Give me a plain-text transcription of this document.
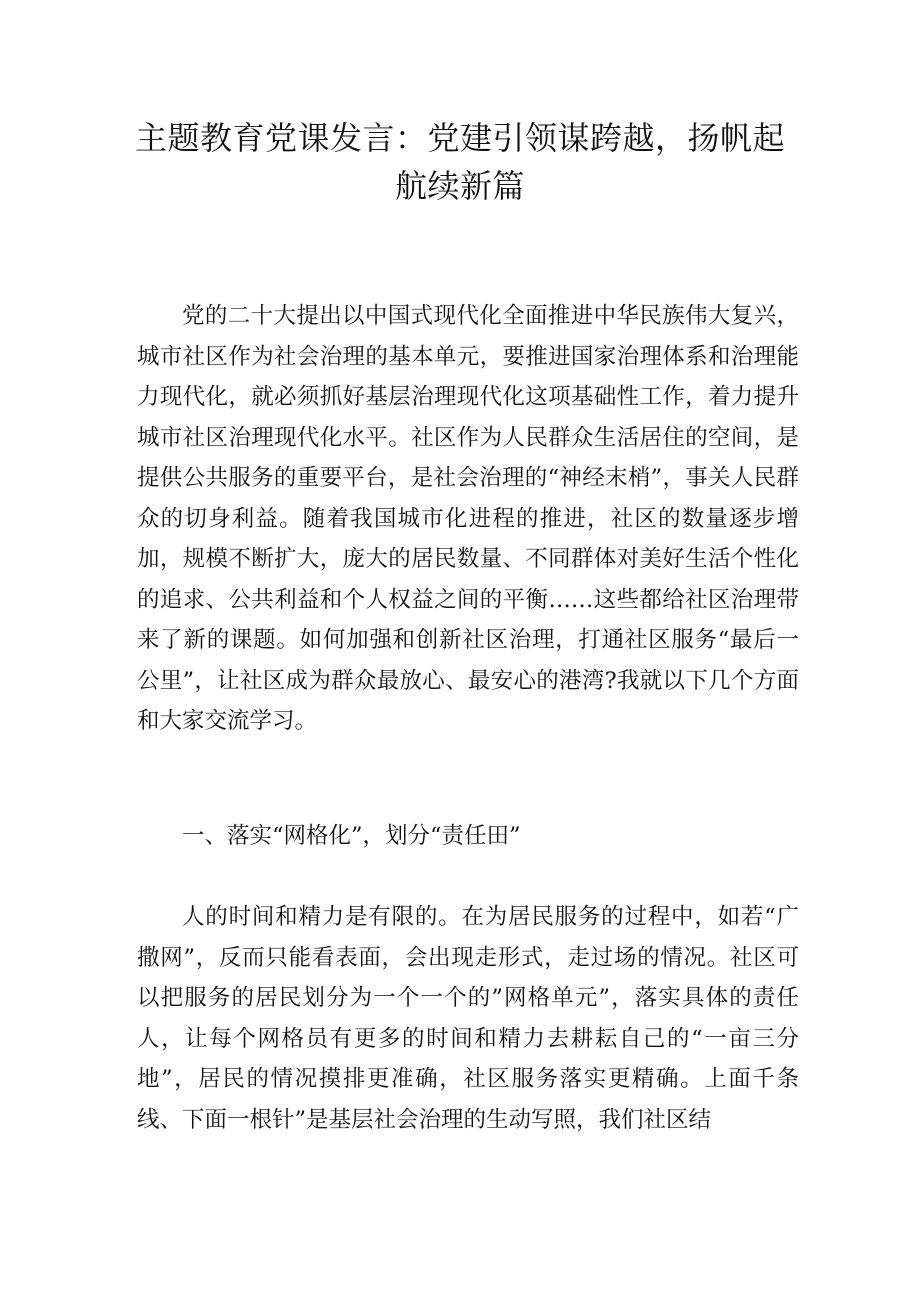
主题教育党课发言：党建引领谋跨越，扬帆起航续新篇

党的二十大提出以中国式现代化全面推进中华民族伟大复兴，城市社区作为社会治理的基本单元，要推进国家治理体系和治理能力现代化，就必须抓好基层治理现代化这项基础性工作，着力提升城市社区治理现代化水平。社区作为人民群众生活居住的空间，是提供公共服务的重要平台，是社会治理的“神经末梢”，事关人民群众的切身利益。随着我国城市化进程的推进，社区的数量逐步增加，规模不断扩大，庞大的居民数量、不同群体对美好生活个性化的追求、公共利益和个人权益之间的平衡……这些都给社区治理带来了新的课题。如何加强和创新社区治理，打通社区服务“最后一公里”，让社区成为群众最放心、最安心的港湾?我就以下几个方面和大家交流学习。

一、落实“网格化”，划分“责任田”

人的时间和精力是有限的。在为居民服务的过程中，如若“广撒网”，反而只能看表面，会出现走形式，走过场的情况。社区可以把服务的居民划分为一个一个的”网格单元”，落实具体的责任人，让每个网格员有更多的时间和精力去耕耘自己的“一亩三分地”，居民的情况摸排更准确，社区服务落实更精确。上面千条线、下面一根针”是基层社会治理的生动写照，我们社区结
